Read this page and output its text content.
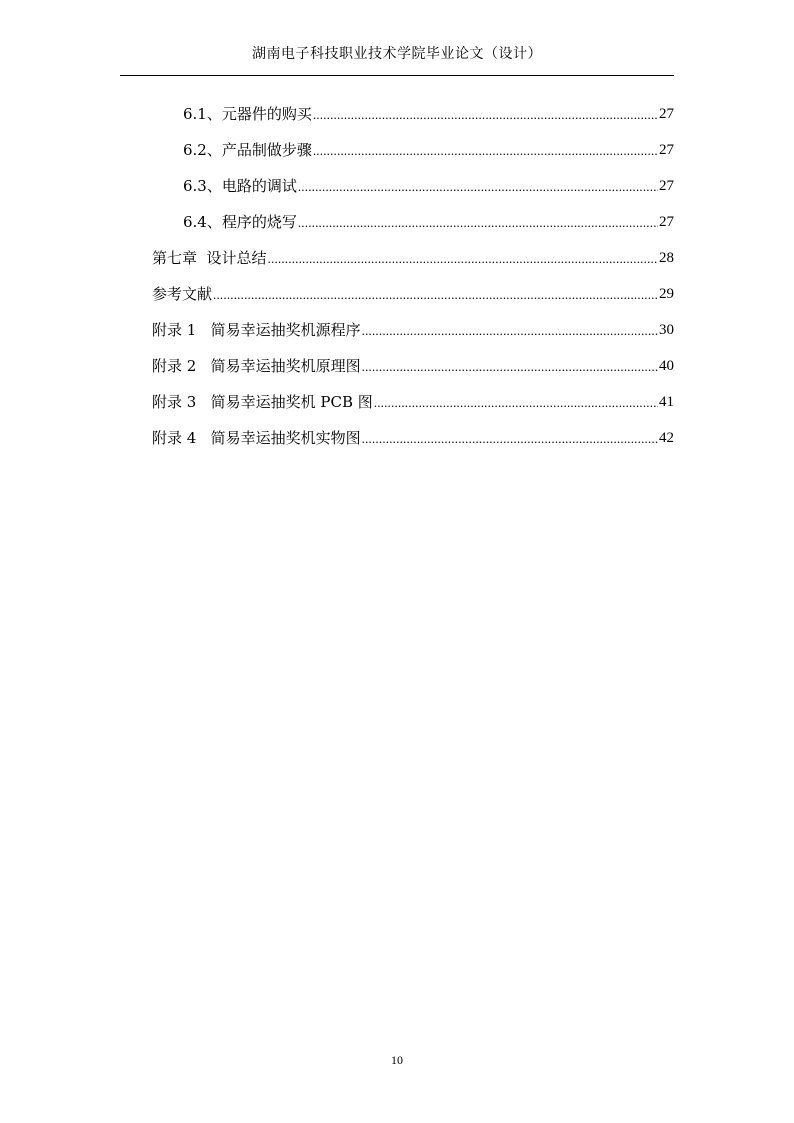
湖南电子科技职业技术学院毕业论文（设计）
6.1、元器件的购买 .....	27
6.2、产品制做步骤 .....	27
6.3、电路的调试 .....	27
6.4、程序的烧写 .....	27
第七章  设计总结 .....	28
参考文献 .....	29
附录 1   简易幸运抽奖机源程序 .....	30
附录 2   简易幸运抽奖机原理图 .....	40
附录 3   简易幸运抽奖机 PCB 图 .....	41
附录 4   简易幸运抽奖机实物图 .....	42
10
